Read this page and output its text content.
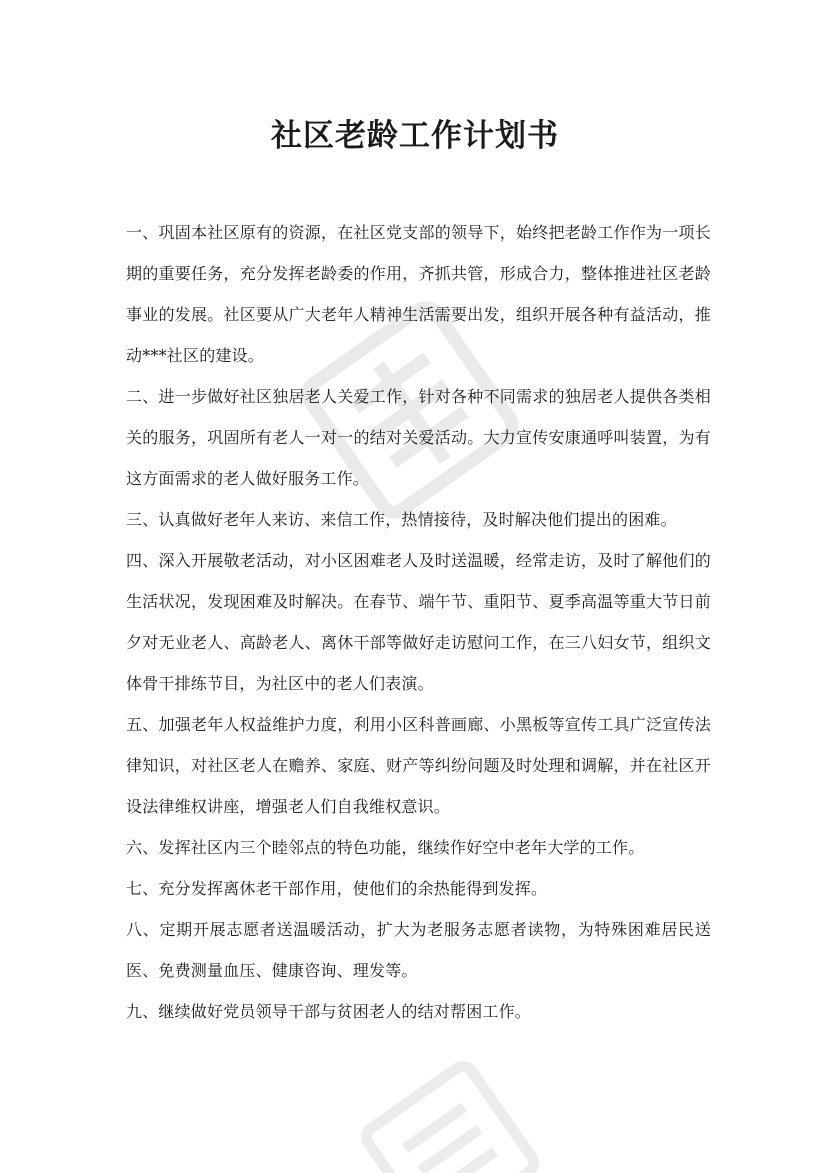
社区老龄工作计划书

一、巩固本社区原有的资源，在社区党支部的领导下，始终把老龄工作作为一项长期的重要任务，充分发挥老龄委的作用，齐抓共管，形成合力，整体推进社区老龄事业的发展。社区要从广大老年人精神生活需要出发，组织开展各种有益活动，推动***社区的建设。

二、进一步做好社区独居老人关爱工作，针对各种不同需求的独居老人提供各类相关的服务，巩固所有老人一对一的结对关爱活动。大力宣传安康通呼叫装置，为有这方面需求的老人做好服务工作。

三、认真做好老年人来访、来信工作，热情接待，及时解决他们提出的困难。

四、深入开展敬老活动，对小区困难老人及时送温暖，经常走访，及时了解他们的生活状况，发现困难及时解决。在春节、端午节、重阳节、夏季高温等重大节日前夕对无业老人、高龄老人、离休干部等做好走访慰问工作，在三八妇女节，组织文体骨干排练节目，为社区中的老人们表演。

五、加强老年人权益维护力度，利用小区科普画廊、小黑板等宣传工具广泛宣传法律知识，对社区老人在赡养、家庭、财产等纠纷问题及时处理和调解，并在社区开设法律维权讲座，增强老人们自我维权意识。

六、发挥社区内三个睦邻点的特色功能，继续作好空中老年大学的工作。

七、充分发挥离休老干部作用，使他们的余热能得到发挥。

八、定期开展志愿者送温暖活动，扩大为老服务志愿者读物，为特殊困难居民送医、免费测量血压、健康咨询、理发等。

九、继续做好党员领导干部与贫困老人的结对帮困工作。
